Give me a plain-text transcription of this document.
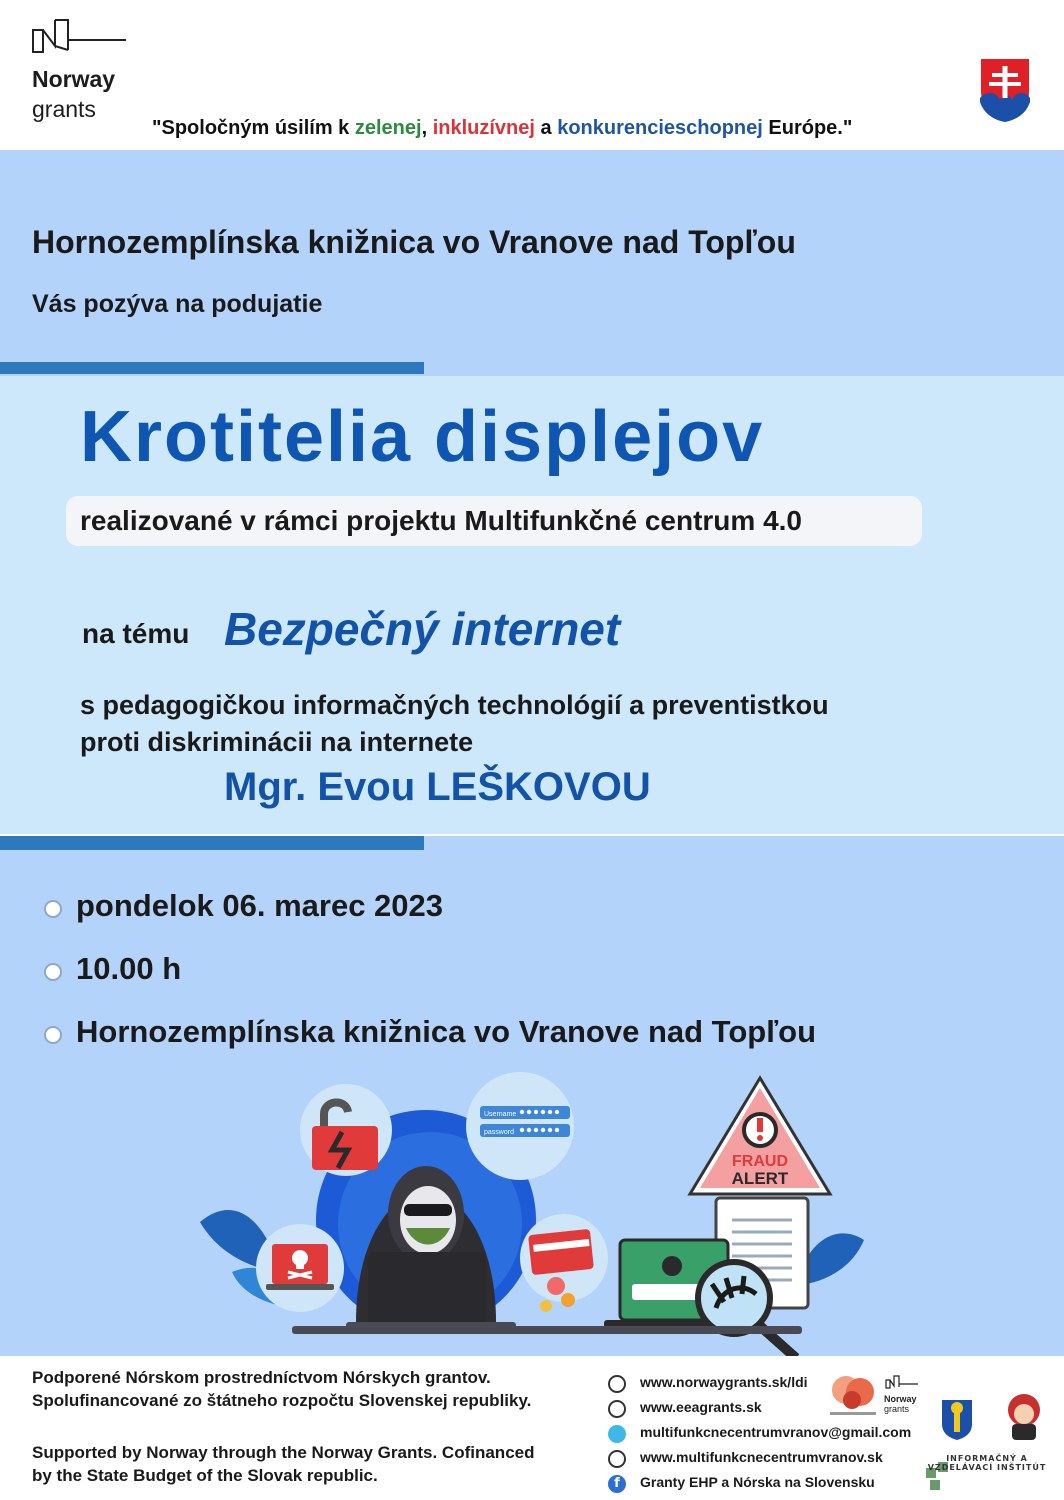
Norway
grants
"Spoločným úsilím k zelenej, inkluzívnej a konkurencieschopnej Európe."
Hornozemplínska knižnica vo Vranove nad Topľou
Vás pozýva na podujatie
Krotitelia displejov
realizované v rámci projektu Multifunkčné centrum 4.0
na tému Bezpečný internet
s pedagogičkou informačných technológií a preventistkou
proti diskriminácii na internete
Mgr. Evou LEŠKOVOU
pondelok 06. marec 2023
10.00 h
Hornozemplínska knižnica vo Vranove nad Topľou
Username
password
FRAUD
ALERT
Podporené Nórskom prostredníctvom Nórskych grantov. Spolufinancované zo štátneho rozpočtu Slovenskej republiky.
Supported by Norway through the Norway Grants. Cofinanced by the State Budget of the Slovak republic.
www.norwaygrants.sk/ldi
www.eeagrants.sk
multifunkcnecentrumvranov@gmail.com
www.multifunkcnecentrumvranov.sk
f	Granty EHP a Nórska na Slovensku
Norway
grants
INFORMAČNÝ A VZDELÁVACÍ INŠTITÚT
